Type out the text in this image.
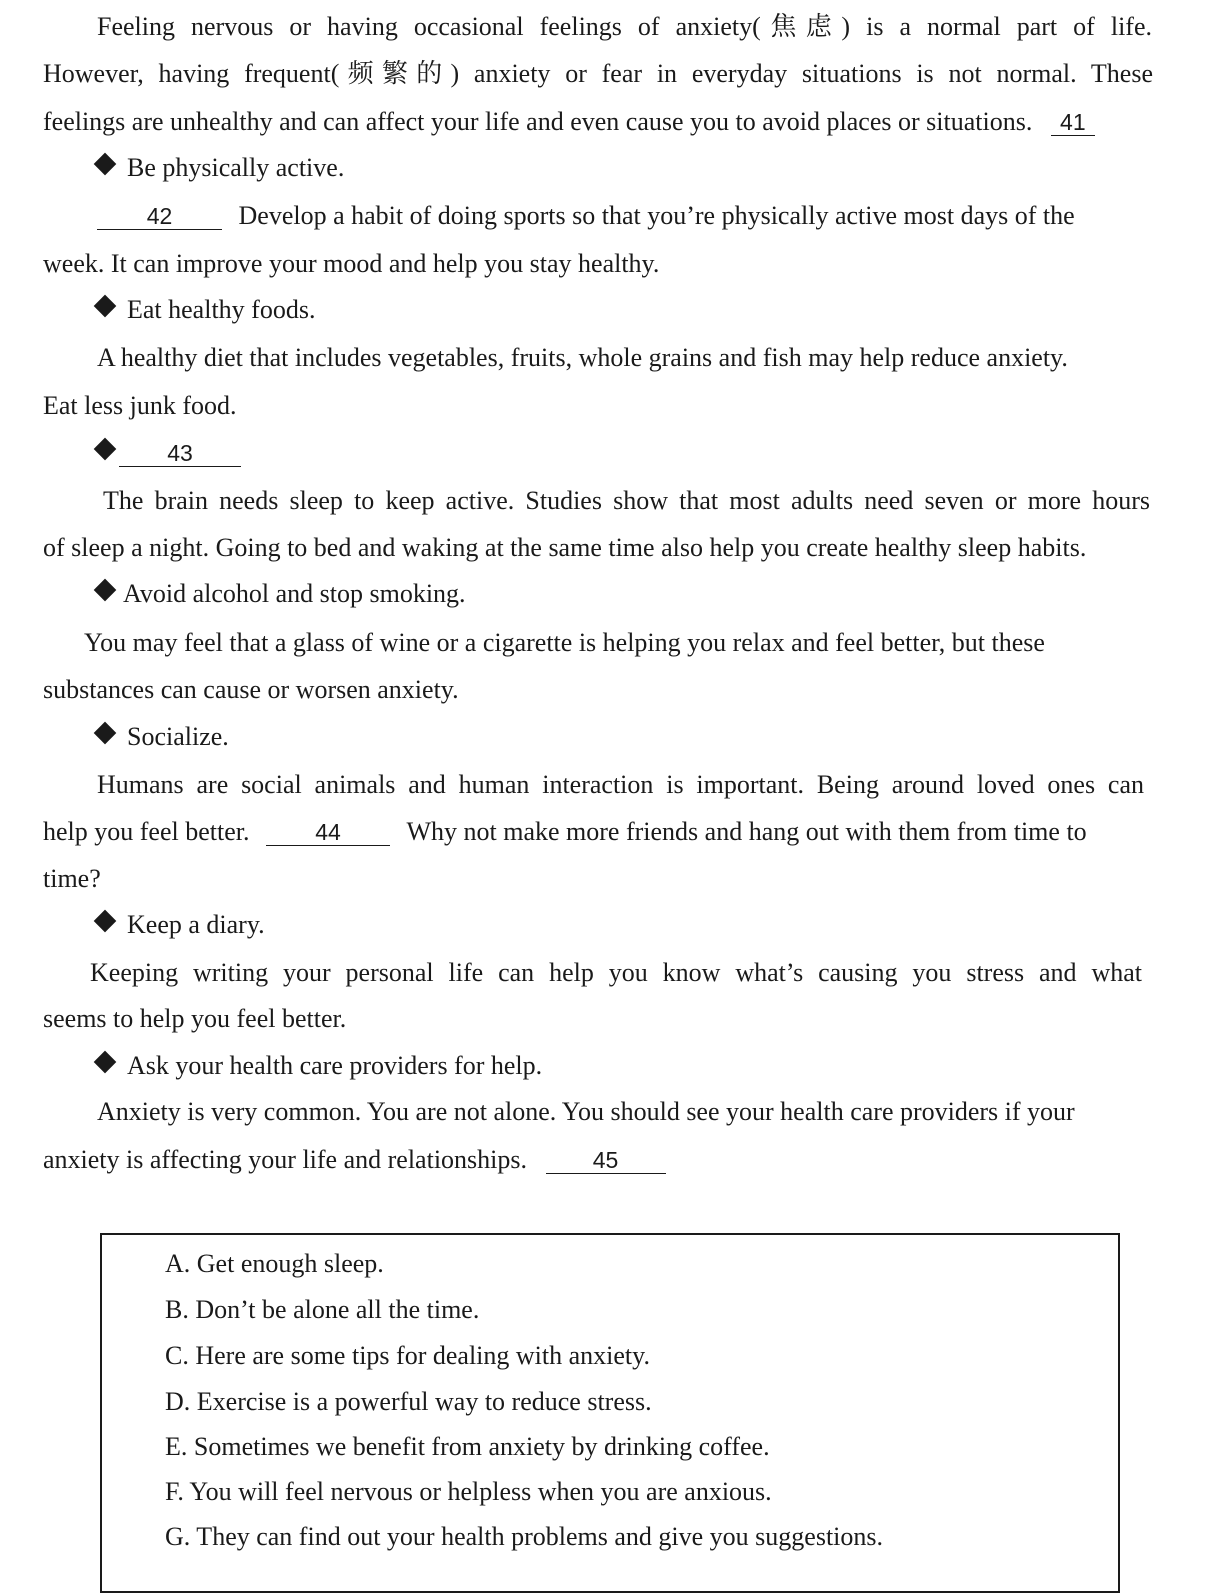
Feeling nervous or having occasional feelings of anxiety(焦虑) is a normal part of life.
However, having frequent(频繁的) anxiety or fear in everyday situations is not normal. These
feelings are unhealthy and can affect your life and even cause you to avoid places or situations. 41
Be physically active.
42	Develop a habit of doing sports so that you’re physically active most days of the
week. It can improve your mood and help you stay healthy.
Eat healthy foods.
A healthy diet that includes vegetables, fruits, whole grains and fish may help reduce anxiety.
Eat less junk food.
43
The brain needs sleep to keep active. Studies show that most adults need seven or more hours
of sleep a night. Going to bed and waking at the same time also help you create healthy sleep habits.
Avoid alcohol and stop smoking.
You may feel that a glass of wine or a cigarette is helping you relax and feel better, but these
substances can cause or worsen anxiety.
Socialize.
Humans are social animals and human interaction is important. Being around loved ones can
help you feel better.	44	Why not make more friends and hang out with them from time to
time?
Keep a diary.
Keeping writing your personal life can help you know what’s causing you stress and what
seems to help you feel better.
Ask your health care providers for help.
Anxiety is very common. You are not alone. You should see your health care providers if your
anxiety is affecting your life and relationships.	45
A. Get enough sleep.
B. Don’t be alone all the time.
C. Here are some tips for dealing with anxiety.
D. Exercise is a powerful way to reduce stress.
E. Sometimes we benefit from anxiety by drinking coffee.
F. You will feel nervous or helpless when you are anxious.
G. They can find out your health problems and give you suggestions.
